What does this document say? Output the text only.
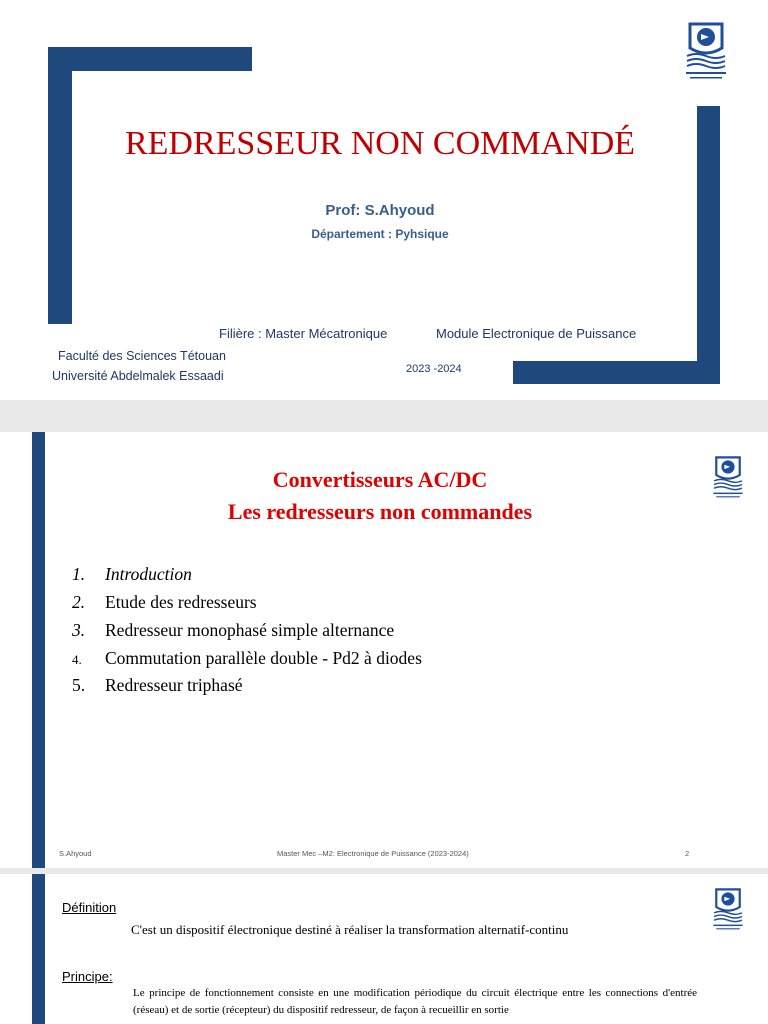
REDRESSEUR NON COMMANDÉ
Prof: S.Ahyoud
Département : Pyhsique
Filière : Master Mécatronique	Module Electronique de Puissance
Faculté des Sciences Tétouan
Université Abdelmalek Essaadi	2023 -2024
Convertisseurs AC/DC
Les redresseurs non commandes
1. Introduction
2. Etude des redresseurs
3. Redresseur monophasé simple alternance
4. Commutation parallèle double - Pd2 à diodes
5. Redresseur triphasé
S.Ahyoud	Master Mec –M2: Electronique de Puissance (2023-2024)	2
Définition
C'est un dispositif électronique destiné à réaliser la transformation alternatif-continu
Principe:
Le principe de fonctionnement consiste en une modification périodique du circuit électrique entre les connections d'entrée (réseau) et de sortie (récepteur) du dispositif redresseur, de façon à recueillir en sortie
